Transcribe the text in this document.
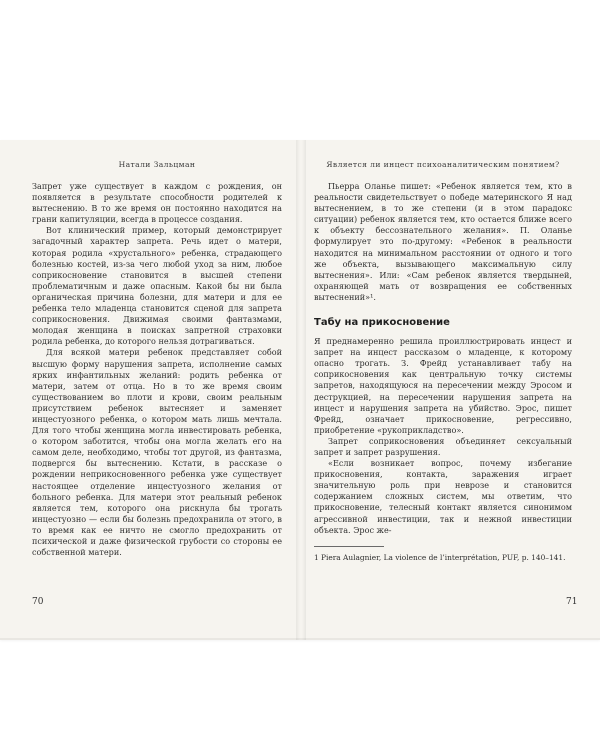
Натали Зальцман

Запрет уже существует в каждом с рождения, он появляется в результате способности родителей к вытеснению. В то же время он постоянно находится на грани капитуляции, всегда в процессе создания.

Вот клинический пример, который демонстрирует загадочный характер запрета. Речь идет о матери, которая родила «хрустального» ребенка, страдающего болезнью костей, из-за чего любой уход за ним, любое соприкосновение становится в высшей степени проблематичным и даже опасным. Какой бы ни была органическая причина болезни, для матери и для ее ребенка тело младенца становится сценой для запрета соприкосновения. Движимая своими фантазмами, молодая женщина в поисках запретной страховки родила ребенка, до которого нельзя дотрагиваться.

Для всякой матери ребенок представляет собой высшую форму нарушения запрета, исполнение самых ярких инфантильных желаний: родить ребенка от матери, затем от отца. Но в то же время своим существованием во плоти и крови, своим реальным присутствием ребенок вытесняет и заменяет инцестуозного ребенка, о котором мать лишь мечтала. Для того чтобы женщина могла инвестировать ребенка, о котором заботится, чтобы она могла желать его на самом деле, необходимо, чтобы тот другой, из фантазма, подвергся бы вытеснению. Кстати, в рассказе о рождении неприкосновенного ребенка уже существует настоящее отделение инцестуозного желания от больного ребенка. Для матери этот реальный ребенок является тем, которого она рискнула бы трогать инцестуозно — если бы болезнь предохранила от этого, в то время как ее ничто не смогло предохранить от психической и даже физической грубости со стороны ее собственной матери.

Является ли инцест психоаналитическим понятием?

Пьерра Оланье пишет: «Ребенок является тем, кто в реальности свидетельствует о победе материнского Я над вытеснением, в то же степени (и в этом парадокс ситуации) ребенок является тем, кто остается ближе всего к объекту бессознательного желания». П. Оланье формулирует это по-другому: «Ребенок в реальности находится на минимальном расстоянии от одного и того же объекта, вызывающего максимальную силу вытеснения». Или: «Сам ребенок является твердыней, охраняющей мать от возвращения ее собственных вытеснений»¹.

Табу на прикосновение

Я преднамеренно решила проиллюстрировать инцест и запрет на инцест рассказом о младенце, к которому опасно трогать. З. Фрейд устанавливает табу на соприкосновения как центральную точку системы запретов, находящуюся на пересечении между Эросом и деструкцией, на пересечении нарушения запрета на инцест и нарушения запрета на убийство. Эрос, пишет Фрейд, означает прикосновение, регрессивно, приобретение «рукоприкладство».

Запрет соприкосновения объединяет сексуальный запрет и запрет разрушения.

«Если возникает вопрос, почему избегание прикосновения, контакта, заражения играет значительную роль при неврозе и становится содержанием сложных систем, мы ответим, что прикосновение, телесный контакт является синонимом агрессивной инвестиции, так и нежной инвестиции объекта. Эрос же-

1 Piera Aulagnier, La violence de l’interprétation, PUF, p. 140–141.
70	71
